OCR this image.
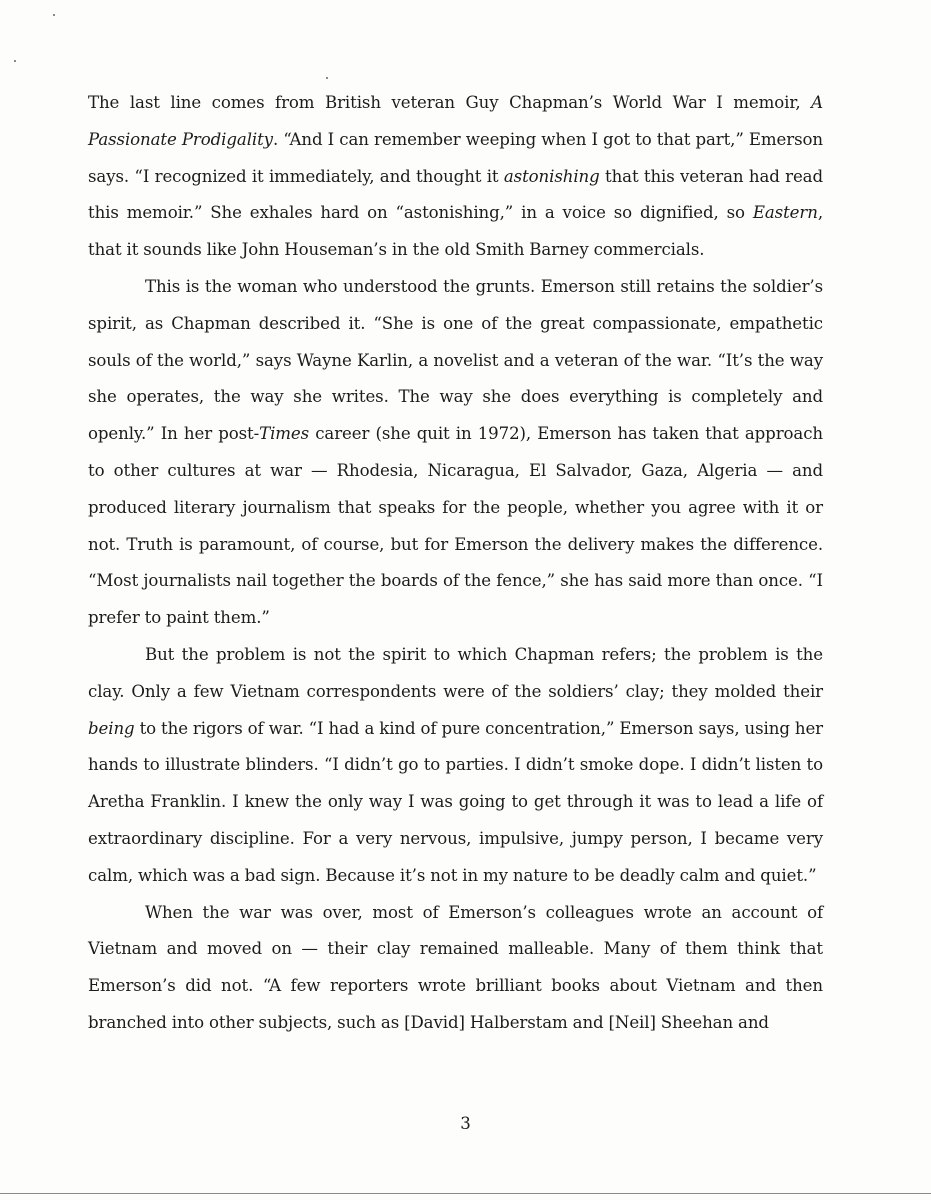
The last line comes from British veteran Guy Chapman’s World War I memoir, A Passionate Prodigality. “And I can remember weeping when I got to that part,” Emerson says. “I recognized it immediately, and thought it astonishing that this veteran had read this memoir.” She exhales hard on “astonishing,” in a voice so dignified, so Eastern, that it sounds like John Houseman’s in the old Smith Barney commercials.

This is the woman who understood the grunts. Emerson still retains the soldier’s spirit, as Chapman described it. “She is one of the great compassionate, empathetic souls of the world,” says Wayne Karlin, a novelist and a veteran of the war. “It’s the way she operates, the way she writes. The way she does everything is completely and openly.” In her post-Times career (she quit in 1972), Emerson has taken that approach to other cultures at war — Rhodesia, Nicaragua, El Salvador, Gaza, Algeria — and produced literary journalism that speaks for the people, whether you agree with it or not. Truth is paramount, of course, but for Emerson the delivery makes the difference. “Most journalists nail together the boards of the fence,” she has said more than once. “I prefer to paint them.”

But the problem is not the spirit to which Chapman refers; the problem is the clay. Only a few Vietnam correspondents were of the soldiers’ clay; they molded their being to the rigors of war. “I had a kind of pure concentration,” Emerson says, using her hands to illustrate blinders. “I didn’t go to parties. I didn’t smoke dope. I didn’t listen to Aretha Franklin. I knew the only way I was going to get through it was to lead a life of extraordinary discipline. For a very nervous, impulsive, jumpy person, I became very calm, which was a bad sign. Because it’s not in my nature to be deadly calm and quiet.”

When the war was over, most of Emerson’s colleagues wrote an account of Vietnam and moved on — their clay remained malleable. Many of them think that Emerson’s did not. “A few reporters wrote brilliant books about Vietnam and then branched into other subjects, such as [David] Halberstam and [Neil] Sheehan and

3
